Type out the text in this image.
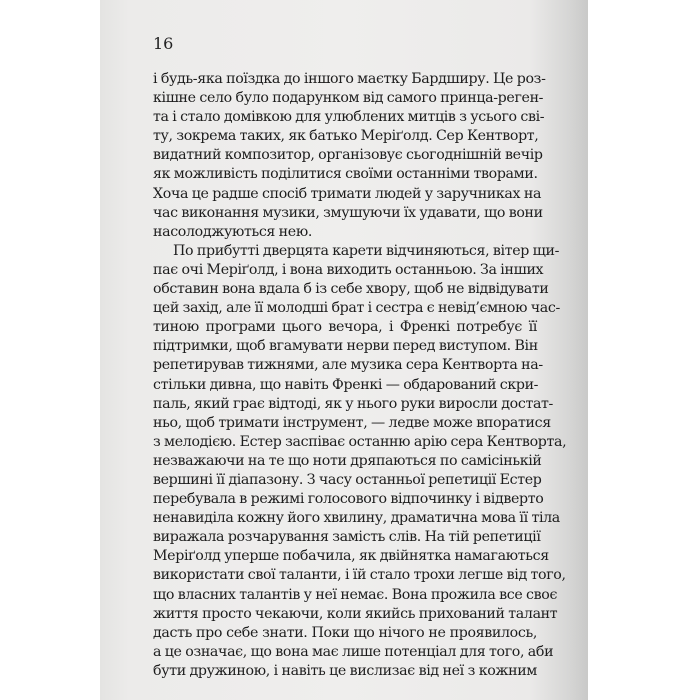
16
і будь-яка поїздка до іншого маєтку Бардширу. Це роз-
кішне село було подарунком від самого принца-реген-
та і стало домівкою для улюблених митців з усього сві-
ту, зокрема таких, як батько Меріґолд. Сер Кентворт,
видатний композитор, організовує сьогоднішній вечір
як можливість поділитися своїми останніми творами.
Хоча це радше спосіб тримати людей у заручниках на
час виконання музики, змушуючи їх удавати, що вони
насолоджуються нею.
По прибутті дверцята карети відчиняються, вітер щи-
пає очі Меріґолд, і вона виходить останньою. За інших
обставин вона вдала б із себе хвору, щоб не відвідувати
цей захід, але її молодші брат і сестра є невід’ємною час-
тиною програми цього вечора, і Френкі потребує її
підтримки, щоб вгамувати нерви перед виступом. Він
репетирував тижнями, але музика сера Кентворта на-
стільки дивна, що навіть Френкі — обдарований скри-
паль, який грає відтоді, як у нього руки виросли достат-
ньо, щоб тримати інструмент, — ледве може впоратися
з мелодією. Естер заспіває останню арію сера Кентворта,
незважаючи на те що ноти дряпаються по самісінькій
вершині її діапазону. З часу останньої репетиції Естер
перебувала в режимі голосового відпочинку і відверто
ненавиділа кожну його хвилину, драматична мова її тіла
виражала розчарування замість слів. На тій репетиції
Меріґолд уперше побачила, як двійнятка намагаються
використати свої таланти, і їй стало трохи легше від того,
що власних талантів у неї немає. Вона прожила все своє
життя просто чекаючи, коли якийсь прихований талант
дасть про себе знати. Поки що нічого не проявилось,
а це означає, що вона має лише потенціал для того, аби
бути дружиною, і навіть це вислизає від неї з кожним
